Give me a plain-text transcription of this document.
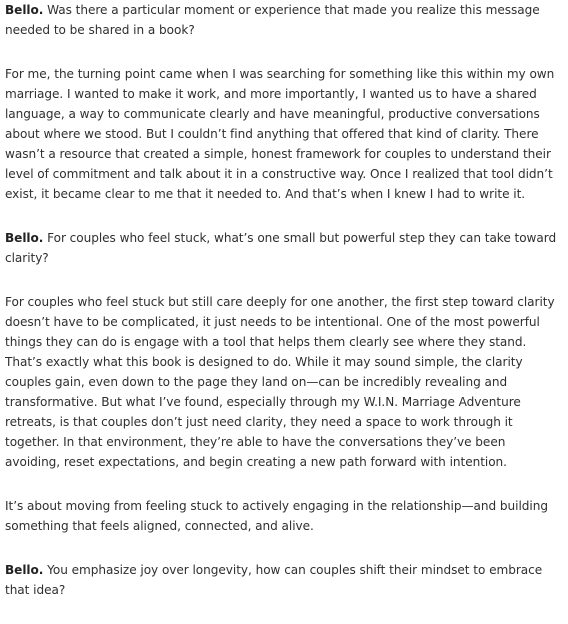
Bello. Was there a particular moment or experience that made you realize this message needed to be shared in a book?

For me, the turning point came when I was searching for something like this within my own marriage. I wanted to make it work, and more importantly, I wanted us to have a shared language, a way to communicate clearly and have meaningful, productive conversations about where we stood. But I couldn’t find anything that offered that kind of clarity. There wasn’t a resource that created a simple, honest framework for couples to understand their level of commitment and talk about it in a constructive way. Once I realized that tool didn’t exist, it became clear to me that it needed to. And that’s when I knew I had to write it.

Bello. For couples who feel stuck, what’s one small but powerful step they can take toward clarity?

For couples who feel stuck but still care deeply for one another, the first step toward clarity doesn’t have to be complicated, it just needs to be intentional. One of the most powerful things they can do is engage with a tool that helps them clearly see where they stand. That’s exactly what this book is designed to do. While it may sound simple, the clarity couples gain, even down to the page they land on—can be incredibly revealing and transformative. But what I’ve found, especially through my W.I.N. Marriage Adventure retreats, is that couples don’t just need clarity, they need a space to work through it together. In that environment, they’re able to have the conversations they’ve been avoiding, reset expectations, and begin creating a new path forward with intention.

It’s about moving from feeling stuck to actively engaging in the relationship—and building something that feels aligned, connected, and alive.

Bello. You emphasize joy over longevity, how can couples shift their mindset to embrace that idea?
